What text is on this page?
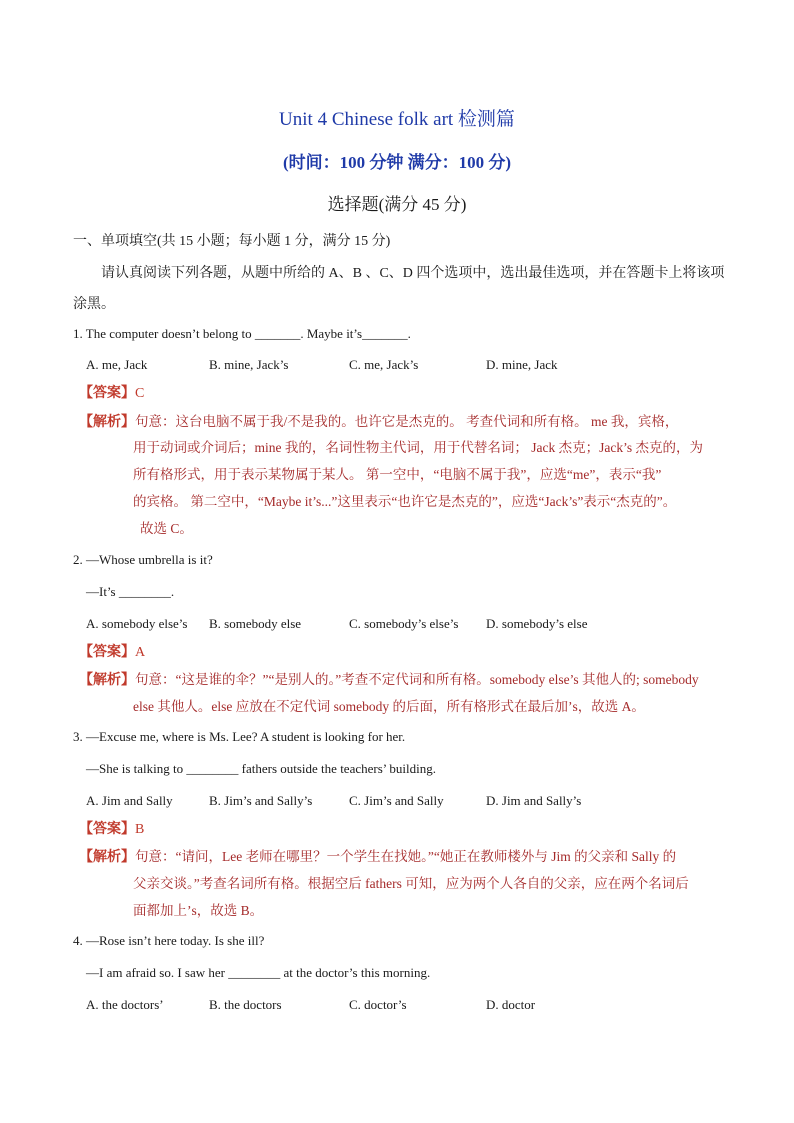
Unit 4 Chinese folk art 检测篇
(时间：100 分钟 满分：100 分)
选择题(满分 45 分)
一、单项填空(共 15 小题；每小题 1 分，满分 15 分)
请认真阅读下列各题，从题中所给的 A、B 、C、D 四个选项中，选出最佳选项，并在答题卡上将该项
涂黑。
1. The computer doesn’t belong to _______. Maybe it’s_______.
A. me, Jack	B. mine, Jack’s	C. me, Jack’s	D. mine, Jack
【答案】C
【解析】句意：这台电脑不属于我/不是我的。也许它是杰克的。 考查代词和所有格。 me 我，宾格，
用于动词或介词后；mine 我的，名词性物主代词，用于代替名词； Jack 杰克；Jack’s 杰克的，为
所有格形式，用于表示某物属于某人。 第一空中，“电脑不属于我”，应选“me”，表示“我”
的宾格。 第二空中，“Maybe it’s...”这里表示“也许它是杰克的”，应选“Jack’s”表示“杰克的”。
故选 C。
2. —Whose umbrella is it?
—It’s ________.
A. somebody else’s B. somebody else	C. somebody’s else’s D. somebody’s else
【答案】A
【解析】句意：“这是谁的伞？”“是别人的。”考查不定代词和所有格。somebody else’s 其他人的; somebody
else 其他人。else 应放在不定代词 somebody 的后面，所有格形式在最后加’s，故选 A。
3. —Excuse me, where is Ms. Lee? A student is looking for her.
—She is talking to ________ fathers outside the teachers’ building.
A. Jim and Sally	B. Jim’s and Sally’s	C. Jim’s and Sally	D. Jim and Sally’s
【答案】B
【解析】句意：“请问，Lee 老师在哪里？一个学生在找她。”“她正在教师楼外与 Jim 的父亲和 Sally 的
父亲交谈。”考查名词所有格。根据空后 fathers 可知，应为两个人各自的父亲，应在两个名词后
面都加上’s，故选 B。
4. —Rose isn’t here today. Is she ill?
—I am afraid so. I saw her ________ at the doctor’s this morning.
A. the doctors’	B. the doctors	C. doctor’s	D. doctor
